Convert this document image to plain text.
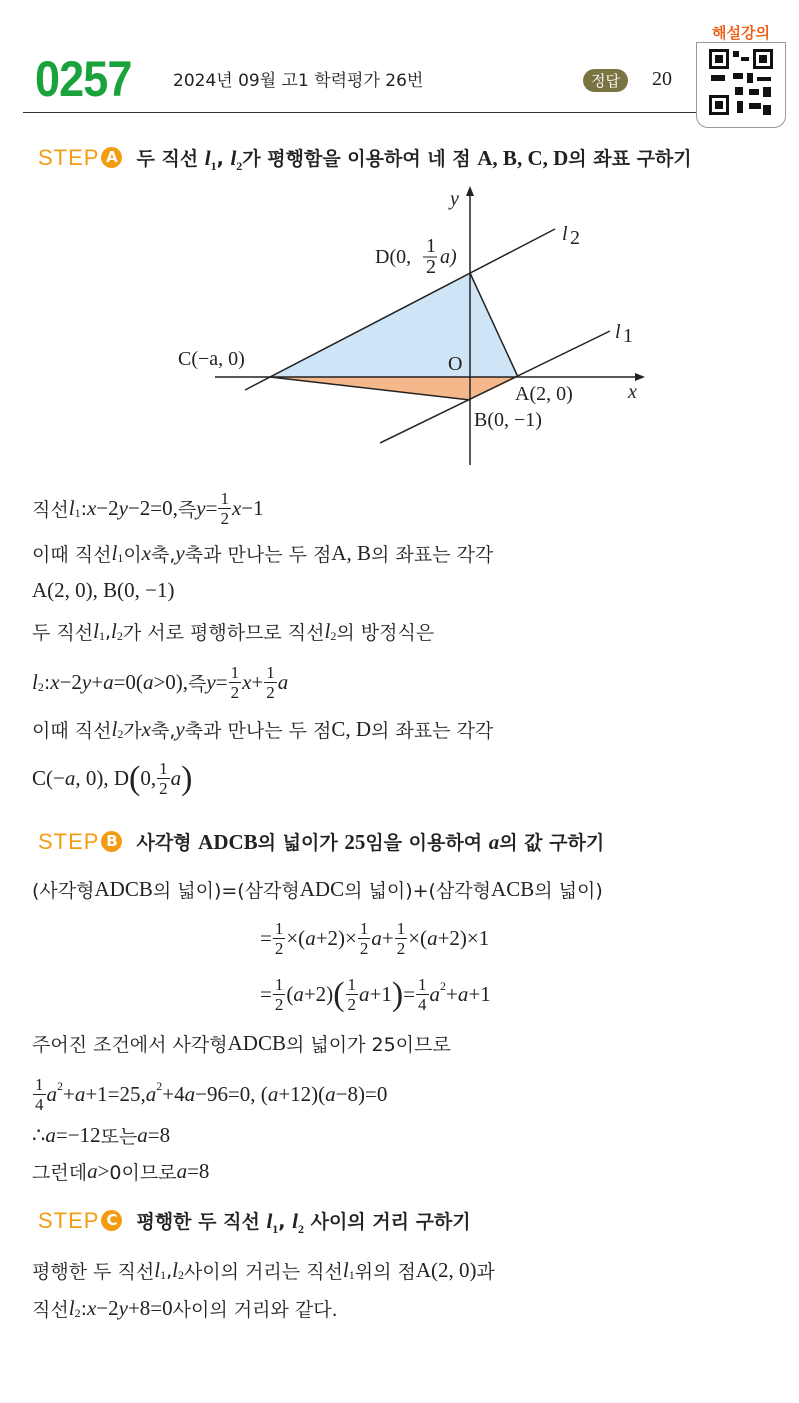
0257 2024년 09월 고1 학력평가 26번	정답	20
해설강의
STEP A 두 직선 $l_1$, $l_2$가 평행함을 이용하여 네 점 A, B, C, D의 좌표 구하기
y
x
O
l 2
l 1
A(2, 0)
B(0, −1)
C(−a, 0)
D(0, 1
2 a)
직선 l 1 : x −2 y −2=0, 즉 $y = \frac{1}{2}$ x −1
이때 직선 l 1 이 x 축, y 축과 만나는 두 점 A, B 의 좌표는 각각
A(2, 0), B(0, −1)
두 직선 l 1 , l 2 가 서로 평행하므로 직선 l 2 의 방정식은
l 2 : x −2 y + a =0( a >0), 즉 $y = \frac{1}{2}$ $x + \frac{1}{2}$ a
이때 직선 l 2 가 x 축, y 축과 만나는 두 점 C, D 의 좌표는 각각
C(− a , 0), D ( 0, $\frac{1}{2}$ a )
(사각형 ADCB 의 넓이)=(삼각형 ADC 의 넓이)+(삼각형 ACB 의 넓이)
= $\frac{1}{2}$ ×( $a +2)\times \frac{1}{2}$ $a + \frac{1}{2}$ ×( a +2)×1
= $\frac{1}{2}$ ( a +2) ( $\frac{1}{2}$ a +1 ) = $\frac{1}{4}$ a 2 + a +1
주어진 조건에서 사각형 ADCB 의 넓이가 25이므로
$\frac{1}{4}$ a 2 + a +1=25, a 2 +4 a −96=0, ( a +12)( a −8)=0
∴ a =−12 또는 a =8
그런데 a > 0이므로 a =8
평행한 두 직선 l 1 , l 2 사이의 거리는 직선 l 1 위의 점 A(2, 0) 과
직선 l 2 : x −2 y +8=0 사이의 거리와 같다.
STEP B 사각형 ADCB의 넓이가 25임을 이용하여 a의 값 구하기
STEP C 평행한 두 직선 $l_1$, $l_2$ 사이의 거리 구하기
